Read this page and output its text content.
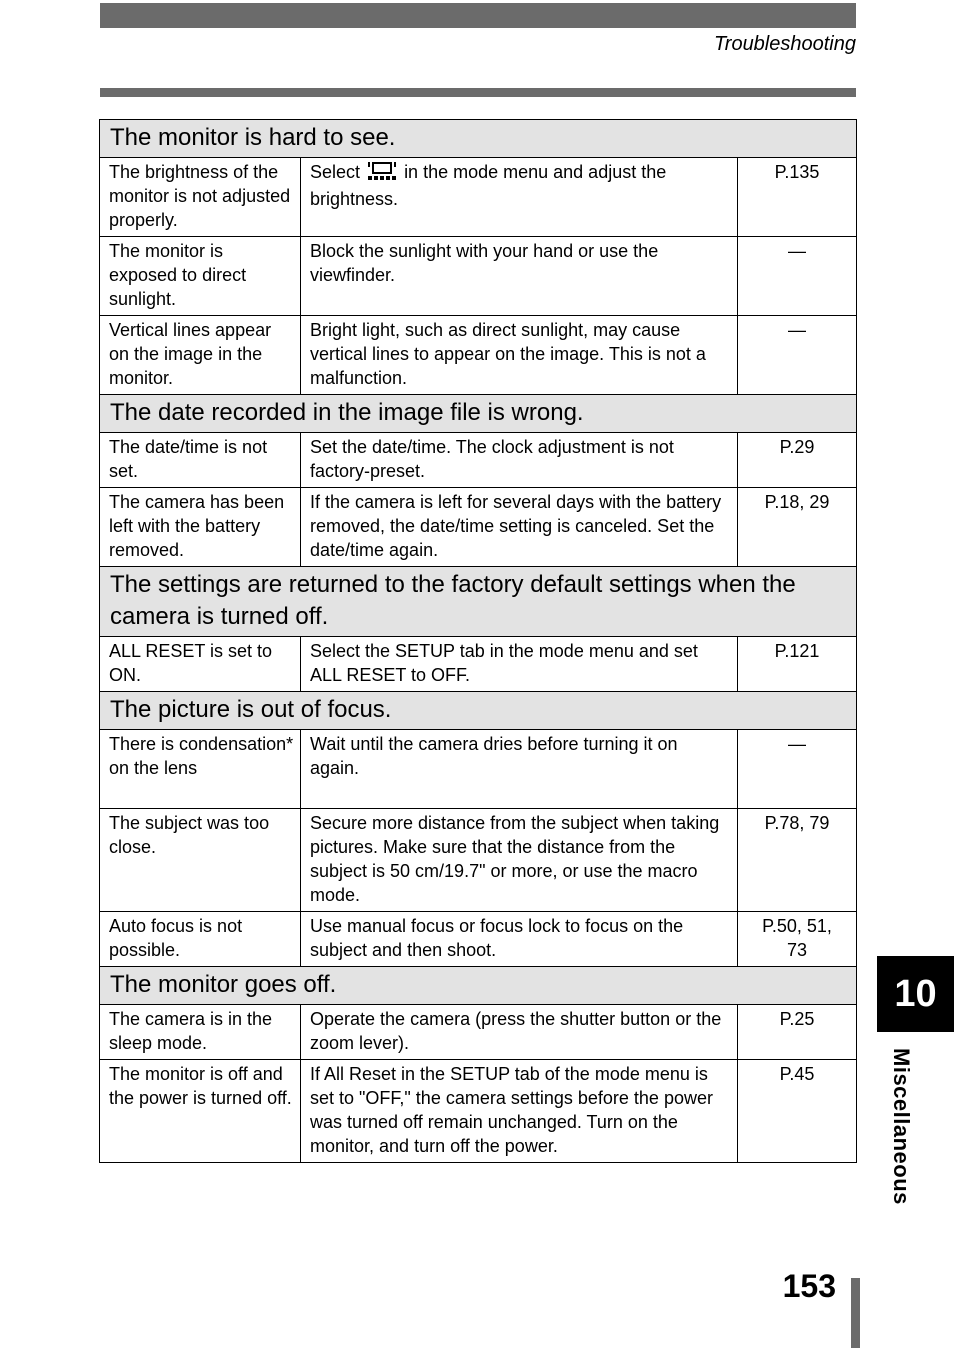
Troubleshooting
The monitor is hard to see.		
The brightness of the monitor is not adjusted properly.	Select in the mode menu and adjust the brightness.	P.135
The monitor is exposed to direct sunlight.	Block the sunlight with your hand or use the viewfinder.	—
Vertical lines appear on the image in the monitor.	Bright light, such as direct sunlight, may cause vertical lines to appear on the image. This is not a malfunction.	—
The date recorded in the image file is wrong.		
The date/time is not set.	Set the date/time. The clock adjustment is not factory-preset.	P.29
The camera has been left with the battery removed.	If the camera is left for several days with the battery removed, the date/time setting is canceled. Set the date/time again.	P.18, 29
The settings are returned to the factory default settings when the camera is turned off.		
ALL RESET is set to ON.	Select the SETUP tab in the mode menu and set ALL RESET to OFF.	P.121
The picture is out of focus.		
There is condensation* on the lens	Wait until the camera dries before turning it on again.	—
The subject was too close.	Secure more distance from the subject when taking pictures. Make sure that the distance from the subject is 50 cm/19.7" or more, or use the macro mode.	P.78, 79
Auto focus is not possible.	Use manual focus or focus lock to focus on the subject and then shoot.	P.50, 51, 73
The monitor goes off.		
The camera is in the sleep mode.	Operate the camera (press the shutter button or the zoom lever).	P.25
The monitor is off and the power is turned off.	If All Reset in the SETUP tab of the mode menu is set to "OFF," the camera settings before the power was turned off remain unchanged. Turn on the monitor, and turn off the power.	P.45
10
Miscellaneous
153
